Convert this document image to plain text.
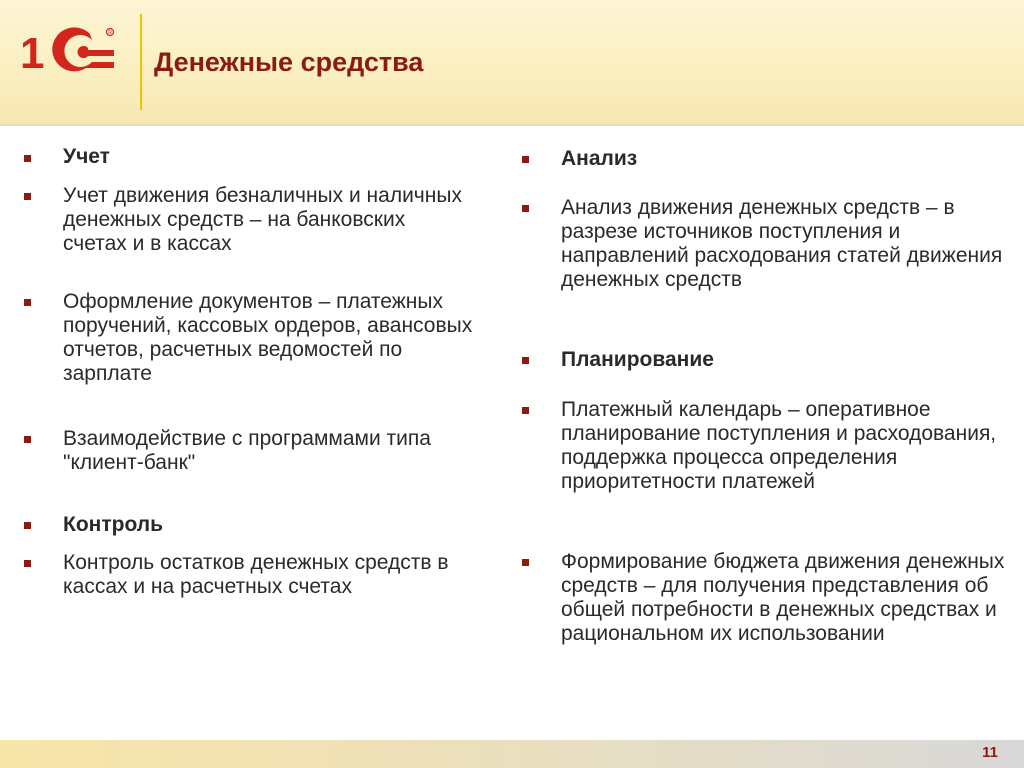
1	R
Денежные средства
Учет
Учет движения безналичных и наличных денежных средств – на банковских счетах и в кассах
Оформление документов – платежных поручений, кассовых ордеров, авансовых отчетов, расчетных ведомостей по зарплате
Взаимодействие с программами типа "клиент-банк"
Контроль
Контроль остатков денежных средств в кассах и на расчетных счетах
Анализ
Анализ движения денежных средств – в разрезе источников поступления и направлений расходования статей движения денежных средств
Планирование
Платежный календарь – оперативное планирование поступления и расходования, поддержка процесса определения приоритетности платежей
Формирование бюджета движения денежных средств – для получения представления об общей потребности в денежных средствах и рациональном их использовании
11
